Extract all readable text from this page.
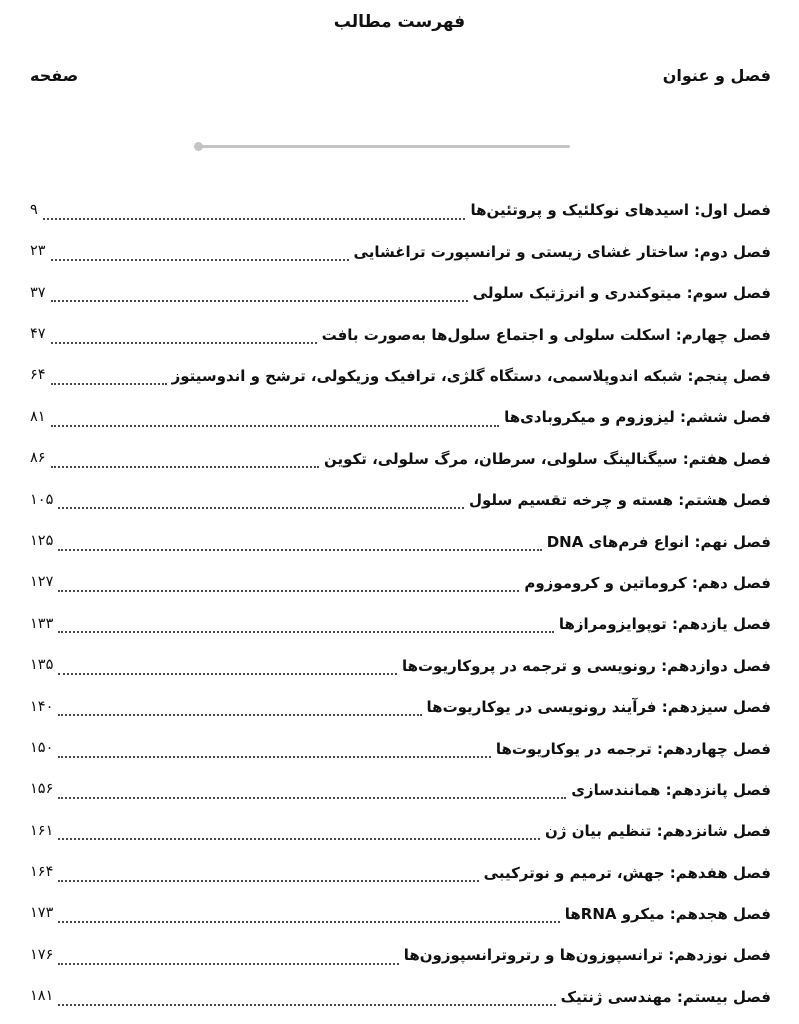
فهرست مطالب
فصل و عنوان
صفحه
فصل اول: اسیدهای نوکلئیک و پروتئین‌ها
۹
فصل دوم: ساختار غشای زیستی و ترانسپورت تراغشایی
۲۳
فصل سوم: میتوکندری و انرژتیک سلولی
۳۷
فصل چهارم: اسکلت سلولی و اجتماع سلول‌ها به‌صورت بافت
۴۷
فصل پنجم: شبکه اندوپلاسمی، دستگاه گلژی، ترافیک وزیکولی، ترشح و اندوسیتوز
۶۴
فصل ششم: لیزوزوم و میکروبادی‌ها
۸۱
فصل هفتم: سیگنالینگ سلولی، سرطان، مرگ سلولی، تکوین
۸۶
فصل هشتم: هسته و چرخه تقسیم سلول
۱۰۵
فصل نهم: انواع فرم‌های DNA
۱۲۵
فصل دهم: کروماتین و کروموزوم
۱۲۷
فصل یازدهم: توپوایزومرازها
۱۳۳
فصل دوازدهم: رونویسی و ترجمه در پروکاریوت‌ها
۱۳۵
فصل سیزدهم: فرآیند رونویسی در یوکاریوت‌ها
۱۴۰
فصل چهاردهم: ترجمه در یوکاریوت‌ها
۱۵۰
فصل پانزدهم: همانندسازی
۱۵۶
فصل شانزدهم: تنظیم بیان ژن
۱۶۱
فصل هفدهم: جهش، ترمیم و نوترکیبی
۱۶۴
فصل هجدهم: میکرو RNAها
۱۷۳
فصل نوزدهم: ترانسپوزون‌ها و رتروترانسپوزون‌ها
۱۷۶
فصل بیستم: مهندسی ژنتیک
۱۸۱
